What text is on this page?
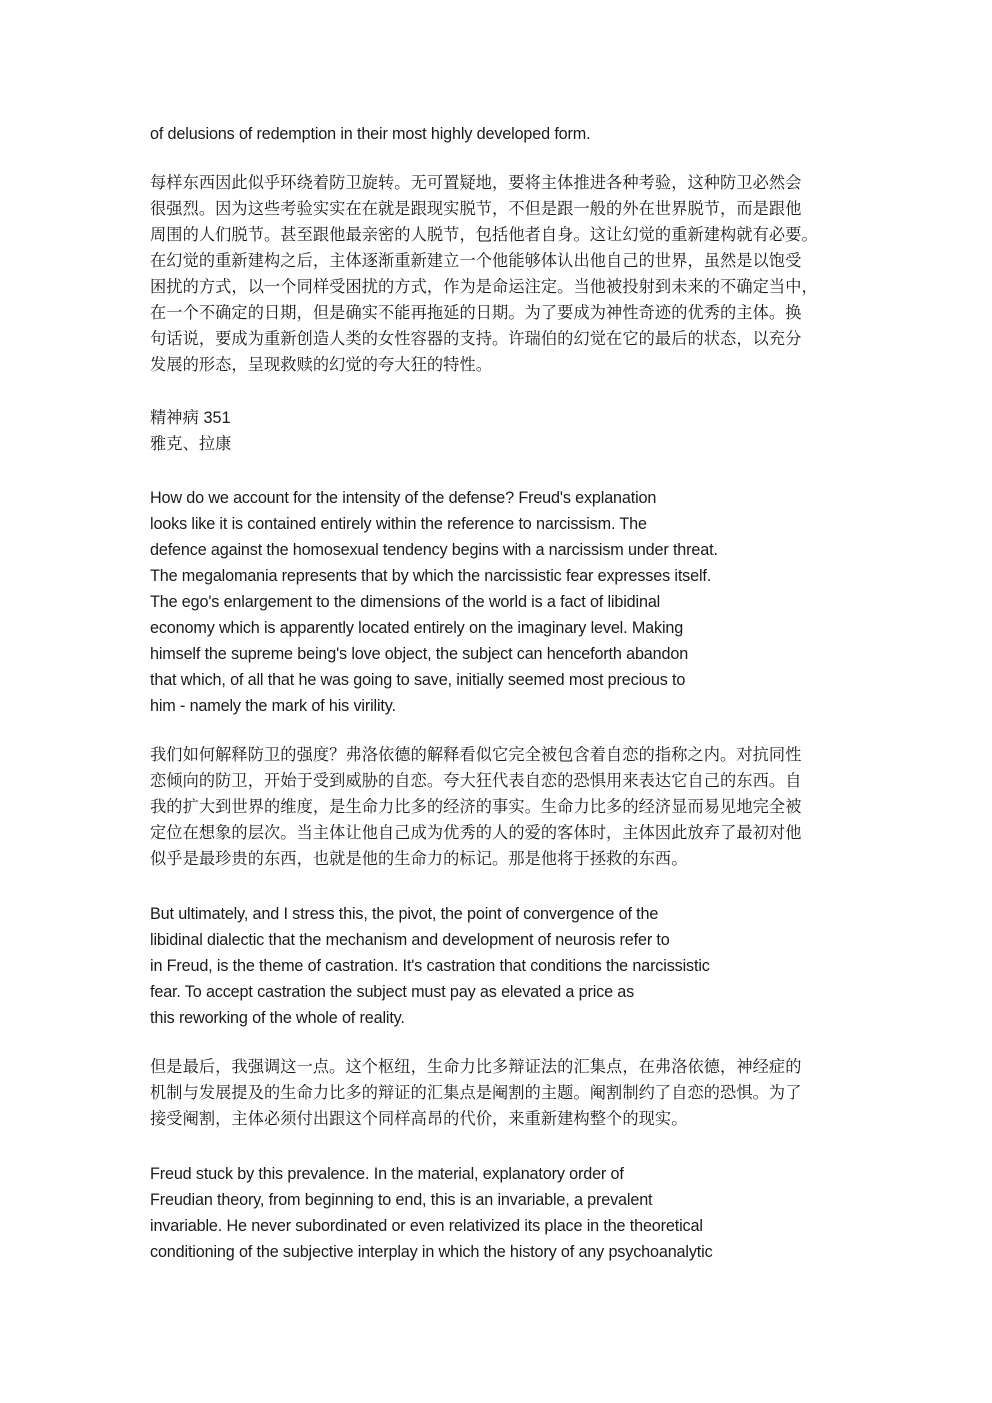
of delusions of redemption in their most highly developed form.
每样东西因此似乎环绕着防卫旋转。无可置疑地，要将主体推进各种考验，这种防卫必然会
很强烈。因为这些考验实实在在就是跟现实脱节，不但是跟一般的外在世界脱节，而是跟他
周围的人们脱节。甚至跟他最亲密的人脱节，包括他者自身。这让幻觉的重新建构就有必要。
在幻觉的重新建构之后，主体逐渐重新建立一个他能够体认出他自己的世界，虽然是以饱受
困扰的方式，以一个同样受困扰的方式，作为是命运注定。当他被投射到未来的不确定当中，
在一个不确定的日期，但是确实不能再拖延的日期。为了要成为神性奇迹的优秀的主体。换
句话说，要成为重新创造人类的女性容器的支持。许瑞伯的幻觉在它的最后的状态，以充分
发展的形态，呈现救赎的幻觉的夸大狂的特性。
精神病 351
雅克、拉康
How do we account for the intensity of the defense? Freud's explanation
looks like it is contained entirely within the reference to narcissism. The
defence against the homosexual tendency begins with a narcissism under threat.
The megalomania represents that by which the narcissistic fear expresses itself.
The ego's enlargement to the dimensions of the world is a fact of libidinal
economy which is apparently located entirely on the imaginary level. Making
himself the supreme being's love object, the subject can henceforth abandon
that which, of all that he was going to save, initially seemed most precious to
him - namely the mark of his virility.
我们如何解释防卫的强度？弗洛依德的解释看似它完全被包含着自恋的指称之内。对抗同性
恋倾向的防卫，开始于受到威胁的自恋。夸大狂代表自恋的恐惧用来表达它自己的东西。自
我的扩大到世界的维度，是生命力比多的经济的事实。生命力比多的经济显而易见地完全被
定位在想象的层次。当主体让他自己成为优秀的人的爱的客体时，主体因此放弃了最初对他
似乎是最珍贵的东西，也就是他的生命力的标记。那是他将于拯救的东西。
But ultimately, and I stress this, the pivot, the point of convergence of the
libidinal dialectic that the mechanism and development of neurosis refer to
in Freud, is the theme of castration. It's castration that conditions the narcissistic
fear. To accept castration the subject must pay as elevated a price as
this reworking of the whole of reality.
但是最后，我强调这一点。这个枢纽，生命力比多辩证法的汇集点，在弗洛依德，神经症的
机制与发展提及的生命力比多的辩证的汇集点是阉割的主题。阉割制约了自恋的恐惧。为了
接受阉割，主体必须付出跟这个同样高昂的代价，来重新建构整个的现实。
Freud stuck by this prevalence. In the material, explanatory order of
Freudian theory, from beginning to end, this is an invariable, a prevalent
invariable. He never subordinated or even relativized its place in the theoretical
conditioning of the subjective interplay in which the history of any psychoanalytic
